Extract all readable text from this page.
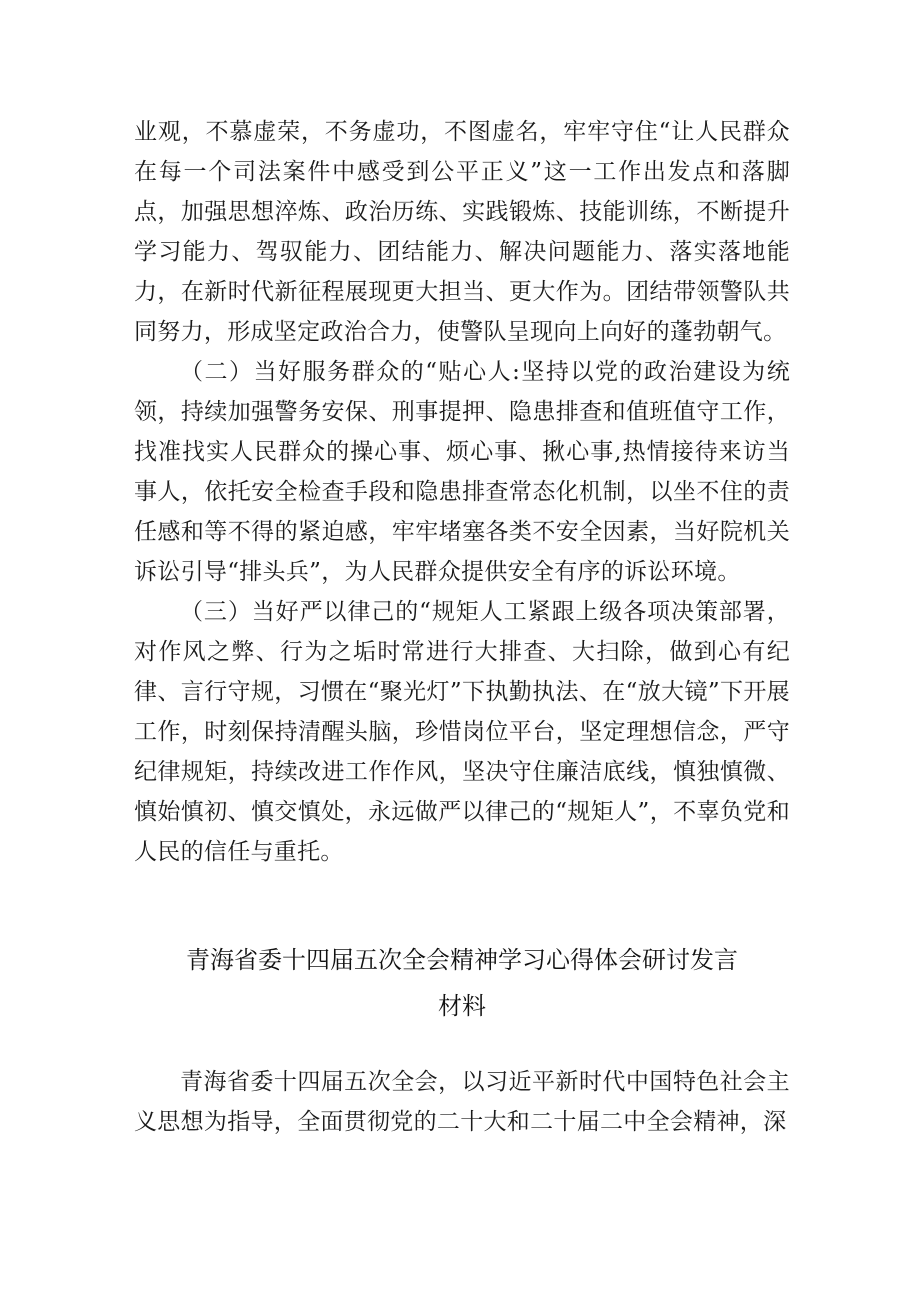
业观，不慕虚荣，不务虚功，不图虚名，牢牢守住“让人民群众在每一个司法案件中感受到公平正义”这一工作出发点和落脚点，加强思想淬炼、政治历练、实践锻炼、技能训练，不断提升学习能力、驾驭能力、团结能力、解决问题能力、落实落地能力，在新时代新征程展现更大担当、更大作为。团结带领警队共同努力，形成坚定政治合力，使警队呈现向上向好的蓬勃朝气。

（二）当好服务群众的“贴心人:坚持以党的政治建设为统领，持续加强警务安保、刑事提押、隐患排查和值班值守工作，找准找实人民群众的操心事、烦心事、揪心事,热情接待来访当事人，依托安全检查手段和隐患排查常态化机制，以坐不住的责任感和等不得的紧迫感，牢牢堵塞各类不安全因素，当好院机关诉讼引导“排头兵”，为人民群众提供安全有序的诉讼环境。

（三）当好严以律己的“规矩人工紧跟上级各项决策部署，对作风之弊、行为之垢时常进行大排查、大扫除，做到心有纪律、言行守规，习惯在“聚光灯”下执勤执法、在“放大镜”下开展工作，时刻保持清醒头脑，珍惜岗位平台，坚定理想信念，严守纪律规矩，持续改进工作作风，坚决守住廉洁底线，慎独慎微、慎始慎初、慎交慎处，永远做严以律己的“规矩人”，不辜负党和人民的信任与重托。

青海省委十四届五次全会精神学习心得体会研讨发言

材料

青海省委十四届五次全会，以习近平新时代中国特色社会主义思想为指导，全面贯彻党的二十大和二十届二中全会精神，深
